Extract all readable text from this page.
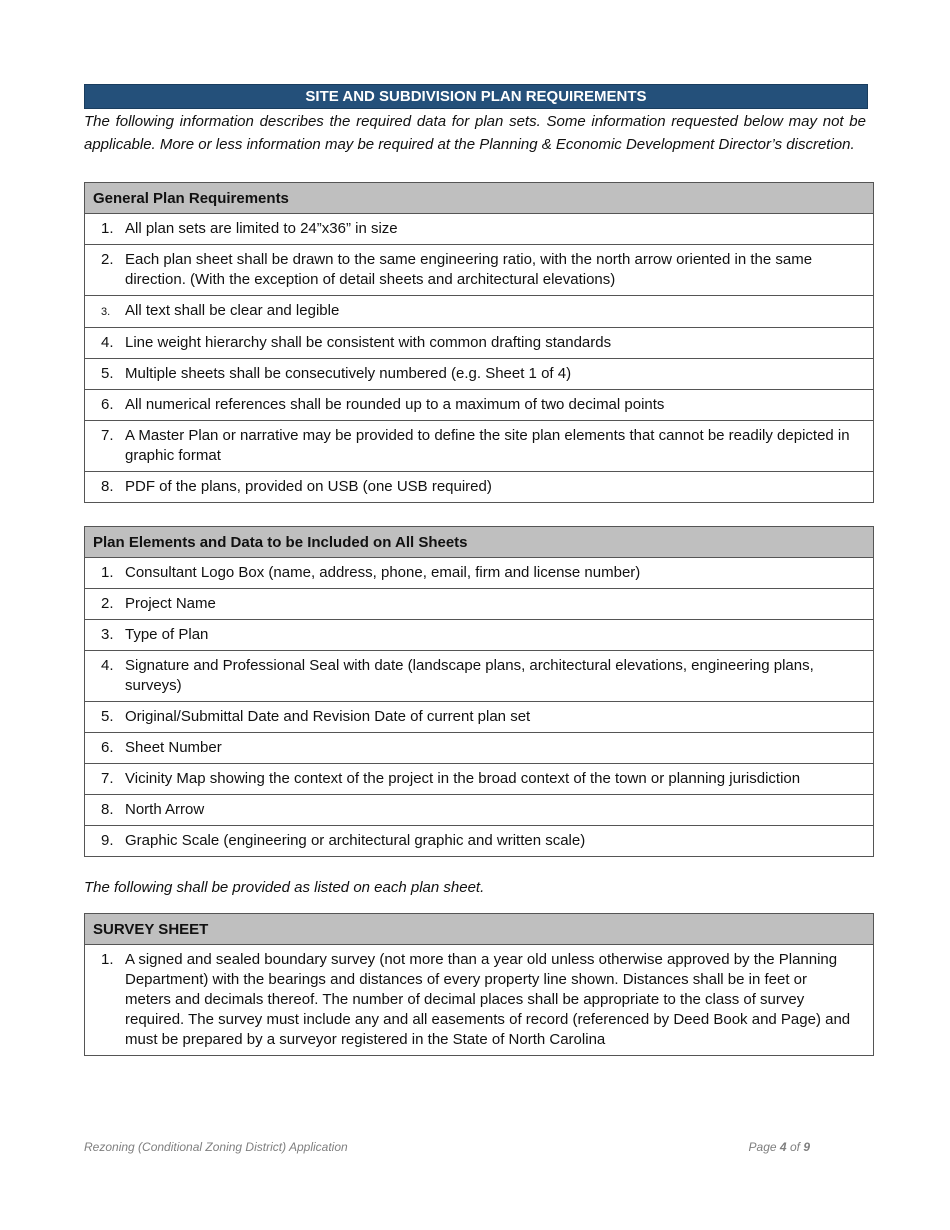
SITE AND SUBDIVISION PLAN REQUIREMENTS
The following information describes the required data for plan sets. Some information requested below may not be applicable. More or less information may be required at the Planning & Economic Development Director’s discretion.
General Plan Requirements	
1.	All plan sets are limited to 24”x36” in size
2.	Each plan sheet shall be drawn to the same engineering ratio, with the north arrow oriented in the same direction. (With the exception of detail sheets and architectural elevations)
3.	All text shall be clear and legible
4.	Line weight hierarchy shall be consistent with common drafting standards
5.	Multiple sheets shall be consecutively numbered (e.g. Sheet 1 of 4)
6.	All numerical references shall be rounded up to a maximum of two decimal points
7.	A Master Plan or narrative may be provided to define the site plan elements that cannot be readily depicted in graphic format
8.	PDF of the plans, provided on USB (one USB required)
Plan Elements and Data to be Included on All Sheets	
1.	Consultant Logo Box (name, address, phone, email, firm and license number)
2.	Project Name
3.	Type of Plan
4.	Signature and Professional Seal with date (landscape plans, architectural elevations, engineering plans, surveys)
5.	Original/Submittal Date and Revision Date of current plan set
6.	Sheet Number
7.	Vicinity Map showing the context of the project in the broad context of the town or planning jurisdiction
8.	North Arrow
9.	Graphic Scale (engineering or architectural graphic and written scale)
The following shall be provided as listed on each plan sheet.
SURVEY SHEET
1.	A signed and sealed boundary survey (not more than a year old unless otherwise approved by the Planning Department) with the bearings and distances of every property line shown. Distances shall be in feet or meters and decimals thereof. The number of decimal places shall be appropriate to the class of survey required. The survey must include any and all easements of record (referenced by Deed Book and Page) and must be prepared by a surveyor registered in the State of North Carolina
Rezoning (Conditional Zoning District) Application	Page 4 of 9
